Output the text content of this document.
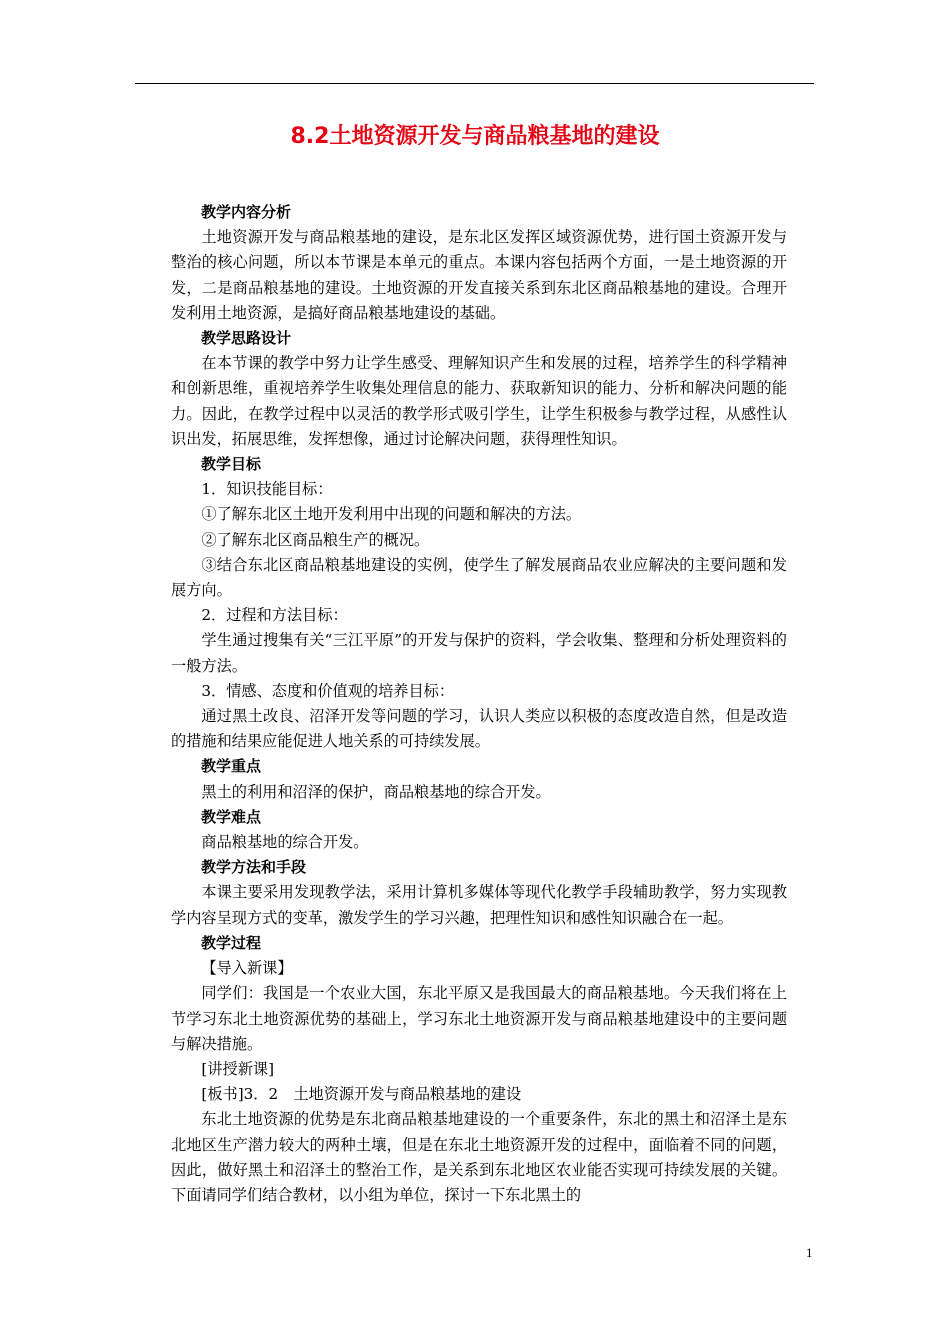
8.2土地资源开发与商品粮基地的建设

教学内容分析

土地资源开发与商品粮基地的建设，是东北区发挥区域资源优势，进行国土资源开发与整治的核心问题，所以本节课是本单元的重点。本课内容包括两个方面，一是土地资源的开发，二是商品粮基地的建设。土地资源的开发直接关系到东北区商品粮基地的建设。合理开发利用土地资源，是搞好商品粮基地建设的基础。

教学思路设计

在本节课的教学中努力让学生感受、理解知识产生和发展的过程，培养学生的科学精神和创新思维，重视培养学生收集处理信息的能力、获取新知识的能力、分析和解决问题的能力。因此，在教学过程中以灵活的教学形式吸引学生，让学生积极参与教学过程，从感性认识出发，拓展思维，发挥想像，通过讨论解决问题，获得理性知识。

教学目标

1．知识技能目标：

①了解东北区土地开发利用中出现的问题和解决的方法。

②了解东北区商品粮生产的概况。

③结合东北区商品粮基地建设的实例，使学生了解发展商品农业应解决的主要问题和发展方向。

2．过程和方法目标：

学生通过搜集有关“三江平原”的开发与保护的资料，学会收集、整理和分析处理资料的一般方法。

3．情感、态度和价值观的培养目标：

通过黑土改良、沼泽开发等问题的学习，认识人类应以积极的态度改造自然，但是改造的措施和结果应能促进人地关系的可持续发展。

教学重点

黑土的利用和沼泽的保护，商品粮基地的综合开发。

教学难点

商品粮基地的综合开发。

教学方法和手段

本课主要采用发现教学法，采用计算机多媒体等现代化教学手段辅助教学，努力实现教学内容呈现方式的变革，激发学生的学习兴趣，把理性知识和感性知识融合在一起。

教学过程

【导入新课】

同学们：我国是一个农业大国，东北平原又是我国最大的商品粮基地。今天我们将在上节学习东北土地资源优势的基础上，学习东北土地资源开发与商品粮基地建设中的主要问题与解决措施。

[讲授新课]

[板书]3．2　土地资源开发与商品粮基地的建设

东北土地资源的优势是东北商品粮基地建设的一个重要条件，东北的黑土和沼泽土是东北地区生产潜力较大的两种土壤，但是在东北土地资源开发的过程中，面临着不同的问题，因此，做好黑土和沼泽土的整治工作，是关系到东北地区农业能否实现可持续发展的关键。下面请同学们结合教材，以小组为单位，探讨一下东北黑土的

1
